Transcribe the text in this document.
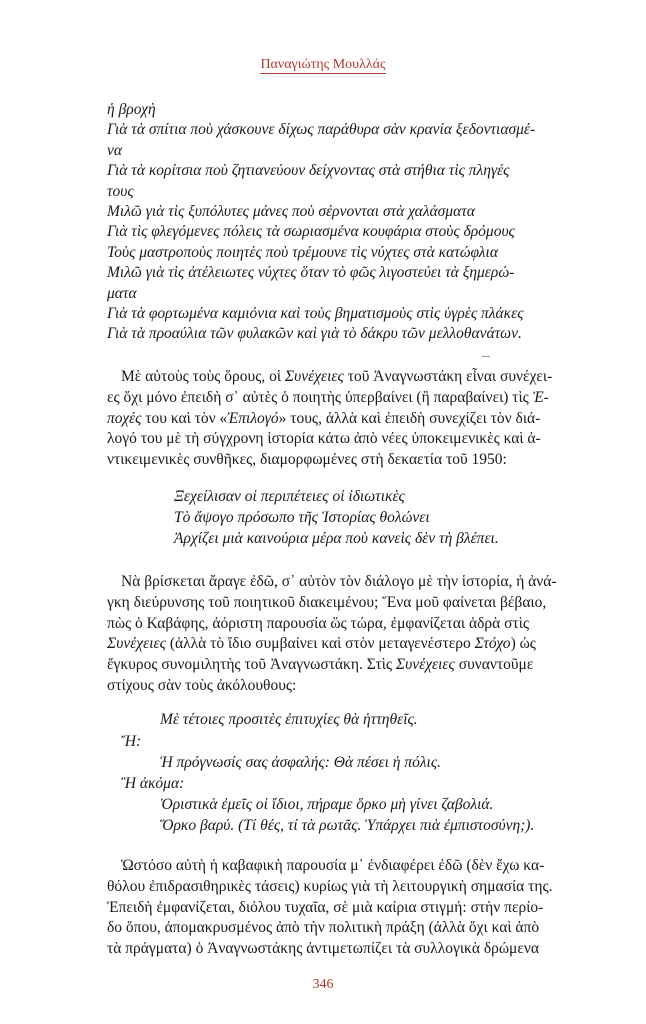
Παναγιώτης Μουλλάς
ἡ βροχὴ
Γιὰ τὰ σπίτια ποὺ χάσκουνε δίχως παράθυρα σὰν κρανία ξεδοντιασμέ-
να
Γιὰ τὰ κορίτσια ποὺ ζητιανεύουν δείχνοντας στὰ στήθια τὶς πληγές
τους
Μιλῶ γιὰ τὶς ξυπόλυτες μάνες ποὺ σέρνονται στὰ χαλάσματα
Γιὰ τὶς φλεγόμενες πόλεις τὰ σωριασμένα κουφάρια στοὺς δρόμους
Τοὺς μαστροποὺς ποιητὲς ποὺ τρέμουνε τὶς νύχτες στὰ κατώφλια
Μιλῶ γιὰ τὶς ἀτέλειωτες νύχτες ὅταν τὸ φῶς λιγοστεύει τὰ ξημερώ-
ματα
Γιὰ τὰ φορτωμένα καμιόνια καὶ τοὺς βηματισμοὺς στὶς ὑγρὲς πλάκες
Γιὰ τὰ προαύλια τῶν φυλακῶν καὶ γιὰ τὸ δάκρυ τῶν μελλοθανάτων.
Μὲ αὐτοὺς τοὺς ὅρους, οἱ Συνέχειες τοῦ Ἀναγνωστάκη εἶναι συνέχει-
ες ὄχι μόνο ἐπειδὴ σ᾽ αὐτὲς ὁ ποιητὴς ὑπερβαίνει (ἢ παραβαίνει) τὶς Ἐ-
ποχές του καὶ τὸν «Ἐπιλογό» τους, ἀλλὰ καὶ ἐπειδὴ συνεχίζει τὸν διά-
λογό του μὲ τὴ σύγχρονη ἱστορία κάτω ἀπὸ νέες ὑποκειμενικὲς καὶ ἀ-
ντικειμενικὲς συνθῆκες, διαμορφωμένες στὴ δεκαετία τοῦ 1950:
Ξεχείλισαν οἱ περιπέτειες οἱ ἰδιωτικὲς
Τὸ ἄψογο πρόσωπο τῆς Ἱστορίας θολώνει
Ἀρχίζει μιὰ καινούρια μέρα ποὺ κανεὶς δὲν τὴ βλέπει.
Νὰ βρίσκεται ἄραγε ἐδῶ, σ᾽ αὐτὸν τὸν διάλογο μὲ τὴν ἱστορία, ἡ ἀνά-
γκη διεύρυνσης τοῦ ποιητικοῦ διακειμένου; Ἕνα μοῦ φαίνεται βέβαιο,
πὼς ὁ Καβάφης, ἀόριστη παρουσία ὥς τώρα, ἐμφανίζεται ἁδρὰ στὶς
Συνέχειες (ἀλλὰ τὸ ἴδιο συμβαίνει καὶ στὸν μεταγενέστερο Στόχο) ὡς
ἔγκυρος συνομιλητὴς τοῦ Ἀναγνωστάκη. Στὶς Συνέχειες συναντοῦμε
στίχους σὰν τοὺς ἀκόλουθους:
Μὲ τέτοιες προσιτὲς ἐπιτυχίες θὰ ἡττηθεῖς.
Ἤ:
Ἡ πρόγνωσίς σας ἀσφαλής: Θὰ πέσει ἡ πόλις.
Ἢ ἀκόμα:
Ὁριστικὰ ἐμεῖς οἱ ἴδιοι, πήραμε ὅρκο μὴ γίνει ζαβολιά.
Ὅρκο βαρύ. (Τί θές, τί τὰ ρωτᾶς. Ὑπάρχει πιὰ ἐμπιστοσύνη;).
Ὡστόσο αὐτὴ ἡ καβαφικὴ παρουσία μ᾽ ἐνδιαφέρει ἐδῶ (δὲν ἔχω κα-
θόλου ἐπιδρασιθηρικὲς τάσεις) κυρίως γιὰ τὴ λειτουργικὴ σημασία της.
Ἐπειδὴ ἐμφανίζεται, διόλου τυχαῖα, σὲ μιὰ καίρια στιγμή: στὴν περίο-
δο ὅπου, ἀπομακρυσμένος ἀπὸ τὴν πολιτικὴ πράξη (ἀλλὰ ὄχι καὶ ἀπὸ
τὰ πράγματα) ὁ Ἀναγνωστάκης ἀντιμετωπίζει τὰ συλλογικὰ δρώμενα
346
